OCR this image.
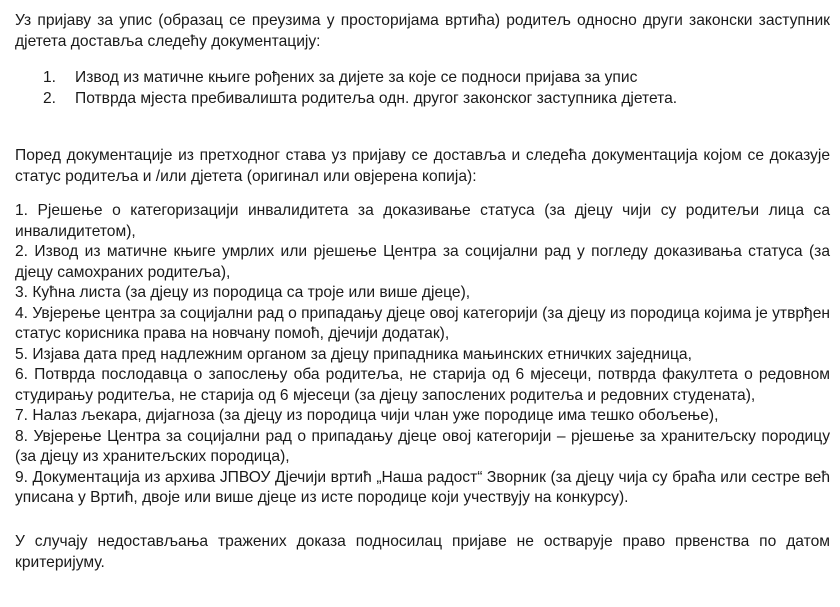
Уз пријаву за упис (образац се преузима у просторијама вртића) родитељ односно други законски заступник дјетета доставља следећу документацију:

1.	Извод из матичне књиге рођених за дијете за које се подноси пријава за упис
2.	Потврда мјеста пребивалишта родитеља одн. другог законског заступника дјетета.

Поред документације из претходног става уз пријаву се доставља и следећа документација којом се доказује статус родитеља и /или дјетета (оригинал или овјерена копија):

1. Рјешење о категоризацији инвалидитета за доказивање статуса (за дјецу чији су родитељи лица са инвалидитетом),

2. Извод из матичне књиге умрлих или рјешење Центра за социјални рад у погледу доказивања статуса (за дјецу самохраних родитеља),

3. Кућна листа (за дјецу из породица са троје или више дјеце),

4. Увјерење центра за социјални рад о припадању дјеце овој категорији (за дјецу из породица којима је утврђен статус корисника права на новчану помоћ, дјечији додатак),

5. Изјава дата пред надлежним органом за дјецу припадника мањинских етничких заједница,

6. Потврда послодавца о запослењу оба родитеља, не старија од 6 мјесеци, потврда факултета о редовном студирању родитеља, не старија од 6 мјесеци (за дјецу запослених родитеља и редовних студената),

7. Налаз љекара, дијагноза (за дјецу из породица чији члан уже породице има тешко обољење),

8. Увјерење Центра за социјални рад о припадању дјеце овој категорији – рјешење за хранитељску породицу (за дјецу из хранитељских породица),

9. Документација из архива ЈПВОУ Дјечији вртић „Наша радост“ Зворник (за дјецу чија су браћа или сестре већ уписана у Вртић, двоје или више дјеце из исте породице који учествују на конкурсу).

У случају недостављања тражених доказа подносилац пријаве не остварује право првенства по датом критеријуму.
